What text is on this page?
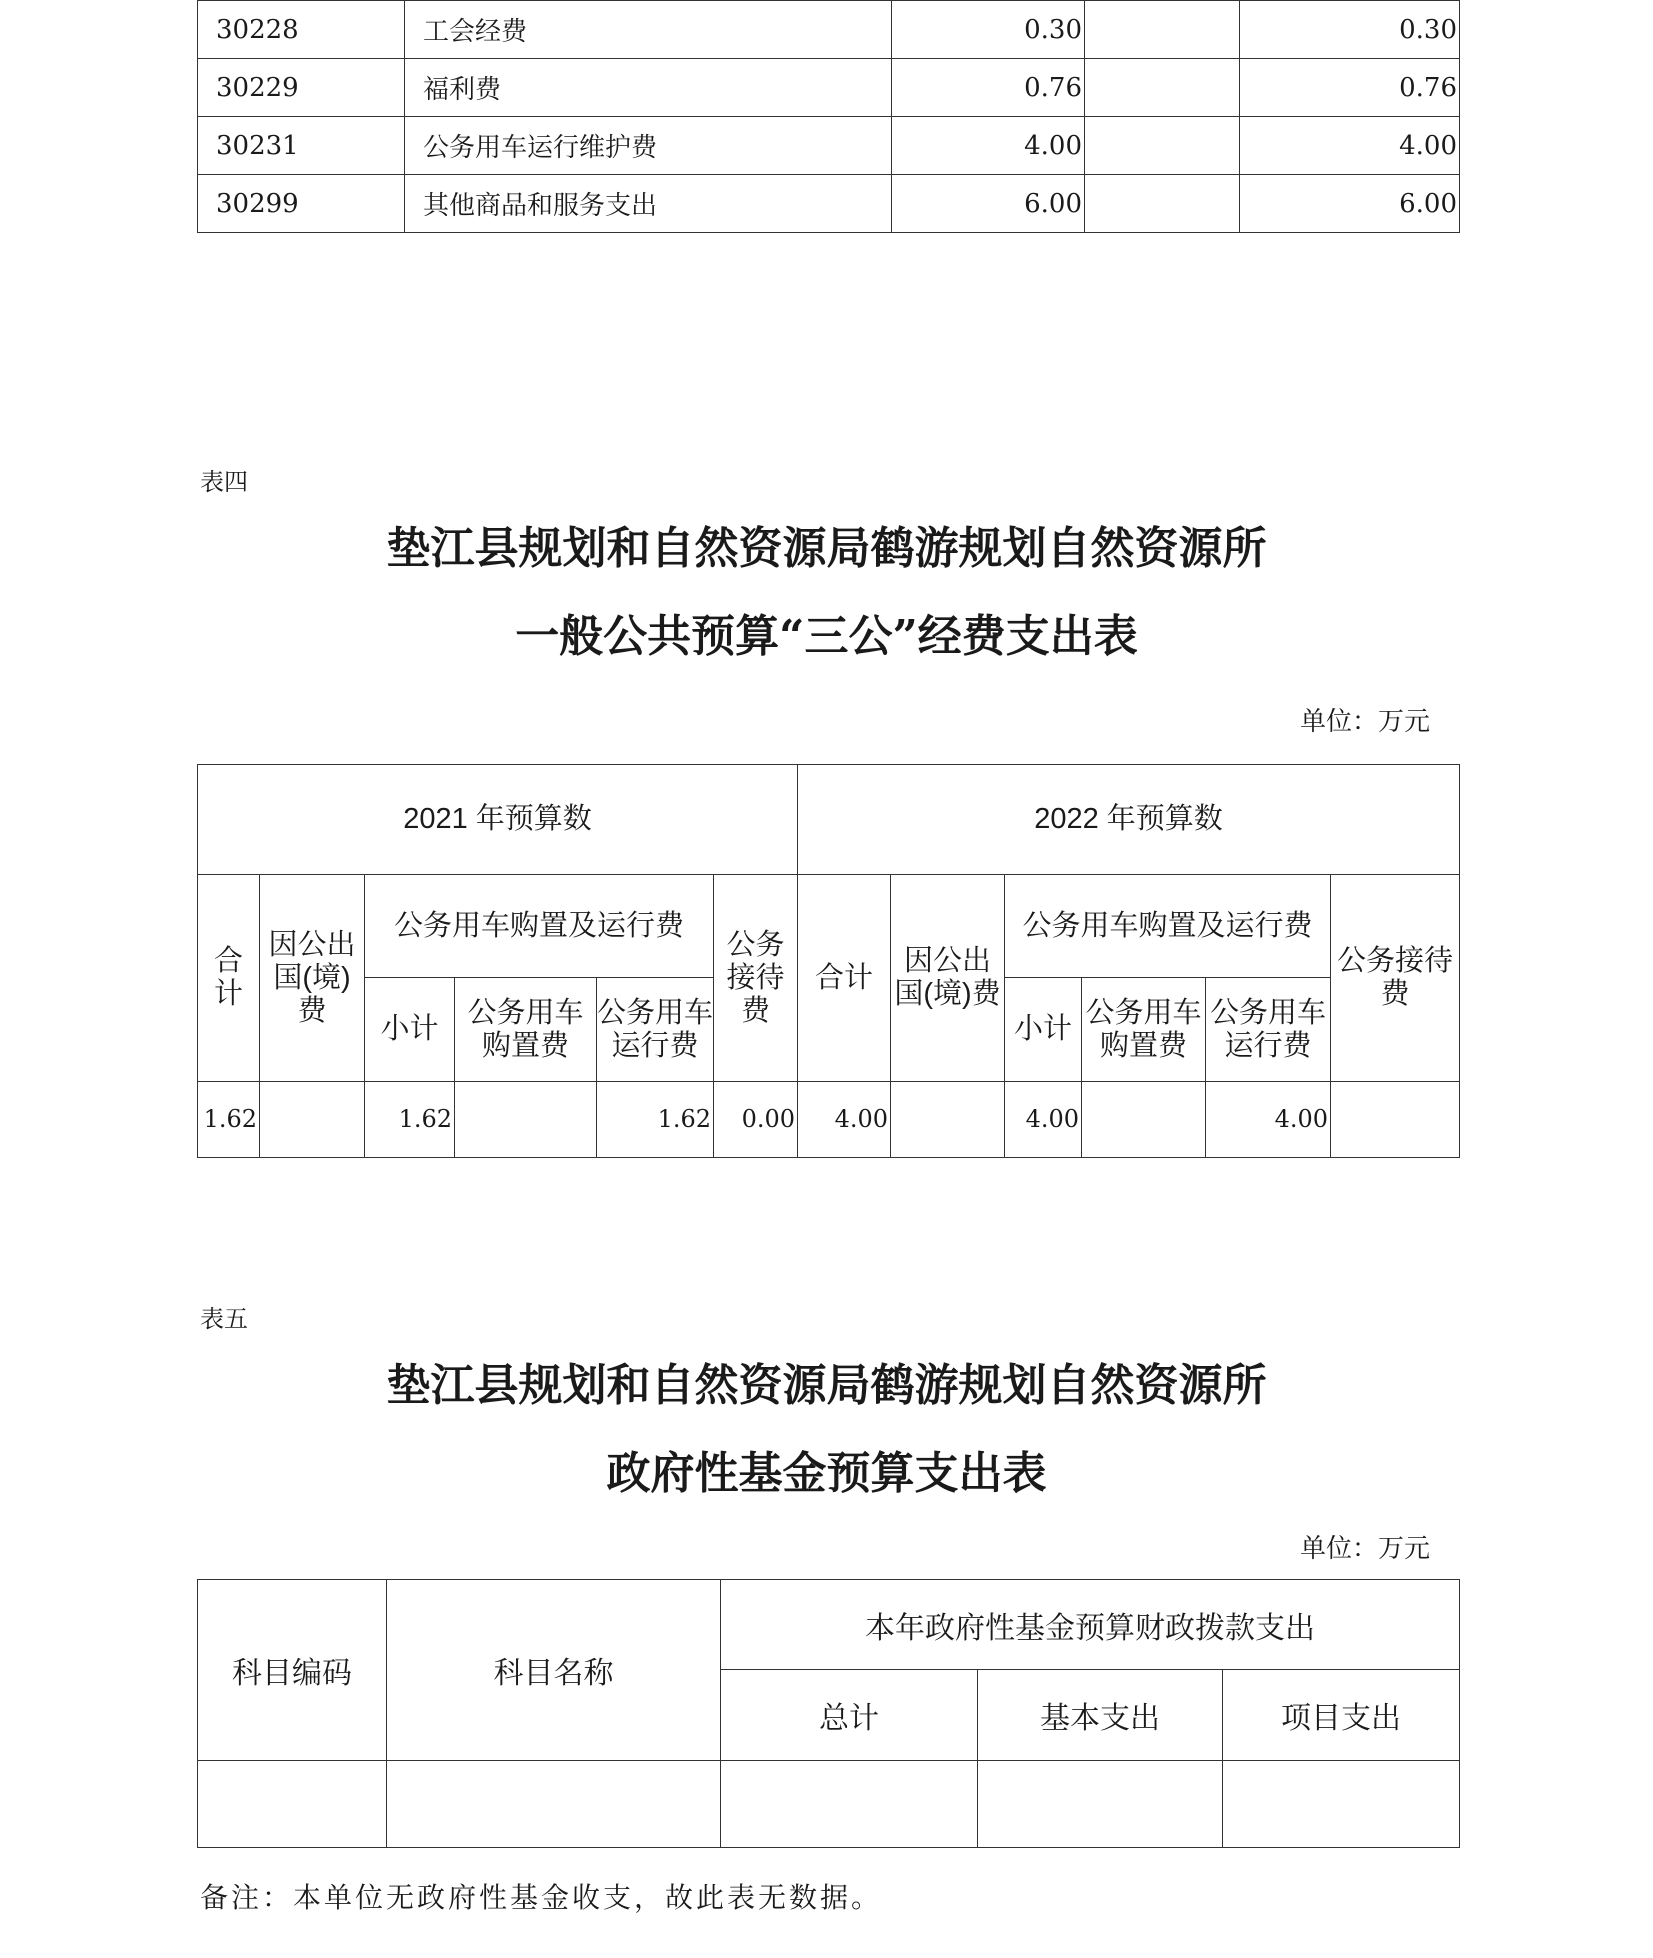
30228	工会经费	0.30		0.30
30229	福利费	0.76		0.76
30231	公务用车运行维护费	4.00		4.00
30299	其他商品和服务支出	6.00		6.00
表四
垫江县规划和自然资源局鹤游规划自然资源所
一般公共预算“三公”经费支出表
单位：万元
2021 年预算数						2022 年预算数					
合计	因公出国(境)费	公务用车购置及运行费			公务接待费	合计	因公出国(境)费	公务用车购置及运行费			公务接待费
		小计	公务用车购置费	公务用车运行费				小计	公务用车购置费	公务用车运行费	
1.62		1.62		1.62	0.00	4.00		4.00		4.00	
表五
垫江县规划和自然资源局鹤游规划自然资源所
政府性基金预算支出表
单位：万元
科目编码	科目名称	本年政府性基金预算财政拨款支出		
		总计	基本支出	项目支出

备注：本单位无政府性基金收支，故此表无数据。
